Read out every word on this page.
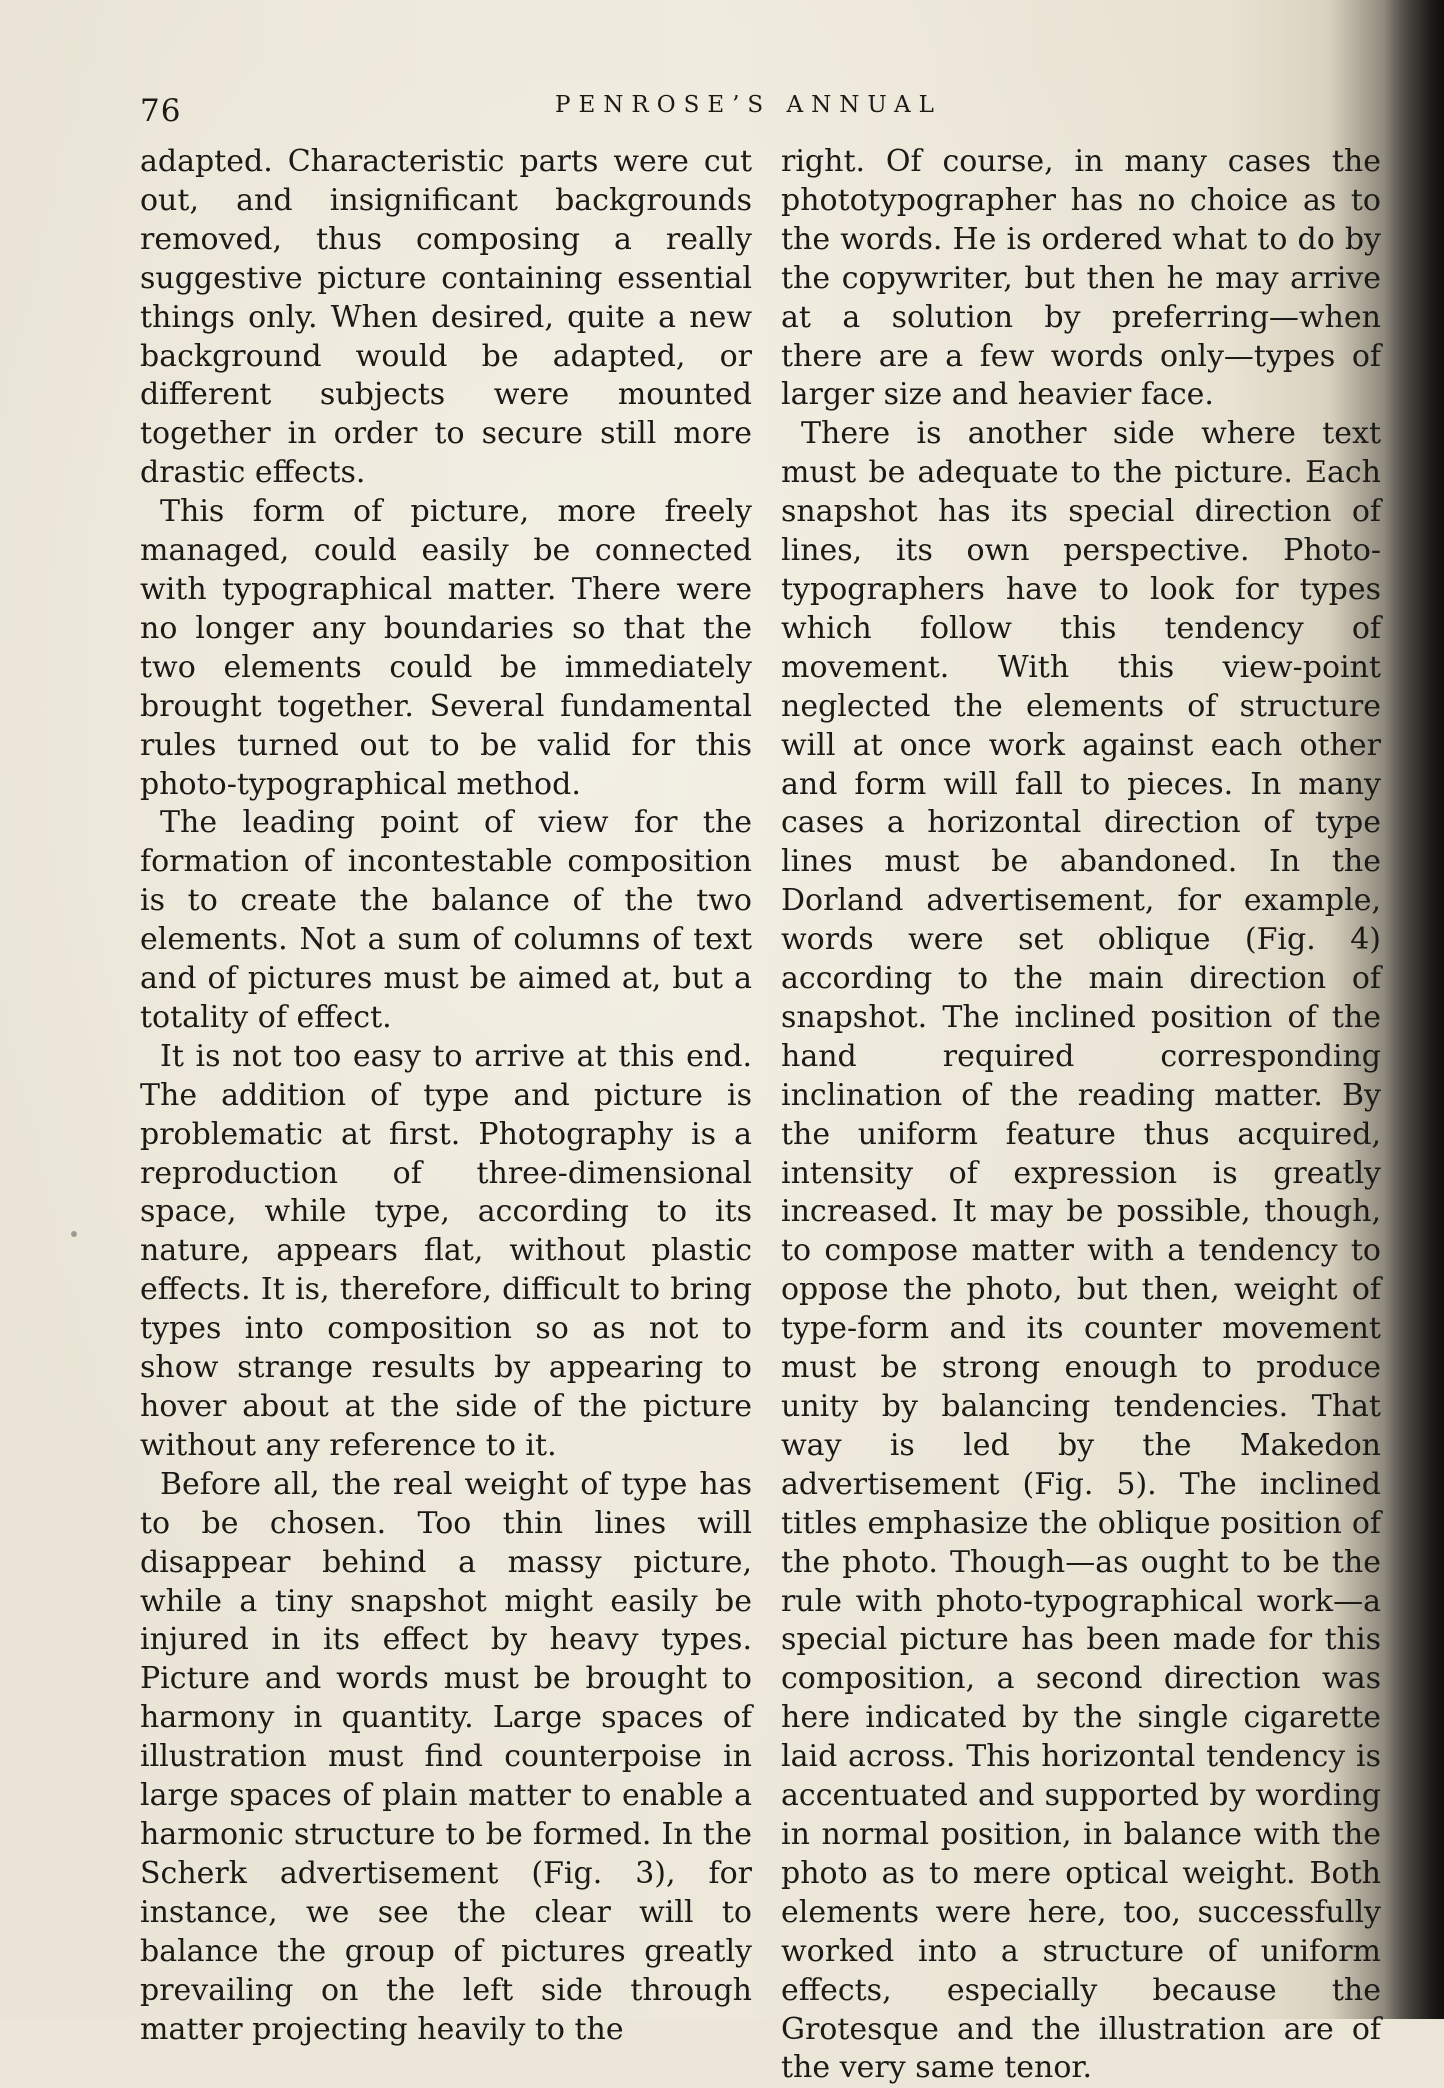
76	PENROSE’S ANNUAL

adapted. Characteristic parts were cut out, and insignificant backgrounds removed, thus composing a really suggestive picture containing essential things only. When desired, quite a new background would be adapted, or different subjects were mounted together in order to secure still more drastic effects.

This form of picture, more freely managed, could easily be connected with typographical matter. There were no longer any boundaries so that the two elements could be immediately brought together. Several fundamental rules turned out to be valid for this photo-typographical method.

The leading point of view for the formation of incontestable composition is to create the balance of the two elements. Not a sum of columns of text and of pictures must be aimed at, but a totality of effect.

It is not too easy to arrive at this end. The addition of type and picture is problematic at first. Photography is a reproduction of three-dimensional space, while type, according to its nature, appears flat, without plastic effects. It is, therefore, difficult to bring types into composition so as not to show strange results by appearing to hover about at the side of the picture without any reference to it.

Before all, the real weight of type has to be chosen. Too thin lines will disappear behind a massy picture, while a tiny snapshot might easily be injured in its effect by heavy types. Picture and words must be brought to harmony in quantity. Large spaces of illustration must find counterpoise in large spaces of plain matter to enable a harmonic structure to be formed. In the Scherk advertisement (Fig. 3), for instance, we see the clear will to balance the group of pictures greatly prevailing on the left side through matter projecting heavily to the

right. Of course, in many cases the phototypographer has no choice as to the words. He is ordered what to do by the copywriter, but then he may arrive at a solution by preferring—when there are a few words only—types of larger size and heavier face.

There is another side where text must be adequate to the picture. Each snapshot has its special direction of lines, its own perspective. Photo-typographers have to look for types which follow this tendency of movement. With this view-point neglected the elements of structure will at once work against each other and form will fall to pieces. In many cases a horizontal direction of type lines must be abandoned. In the Dorland advertisement, for example, words were set oblique (Fig. 4) according to the main direction of snapshot. The inclined position of the hand required corresponding inclination of the reading matter. By the uniform feature thus acquired, intensity of expression is greatly increased. It may be possible, though, to compose matter with a tendency to oppose the photo, but then, weight of type-form and its counter movement must be strong enough to produce unity by balancing tendencies. That way is led by the Makedon advertisement (Fig. 5). The inclined titles emphasize the oblique position of the photo. Though—as ought to be the rule with photo-typographical work—a special picture has been made for this composition, a second direction was here indicated by the single cigarette laid across. This horizontal tendency is accentuated and supported by wording in normal position, in balance with the photo as to mere optical weight. Both elements were here, too, successfully worked into a structure of uniform effects, especially because the Grotesque and the illustration are of the very same tenor.
